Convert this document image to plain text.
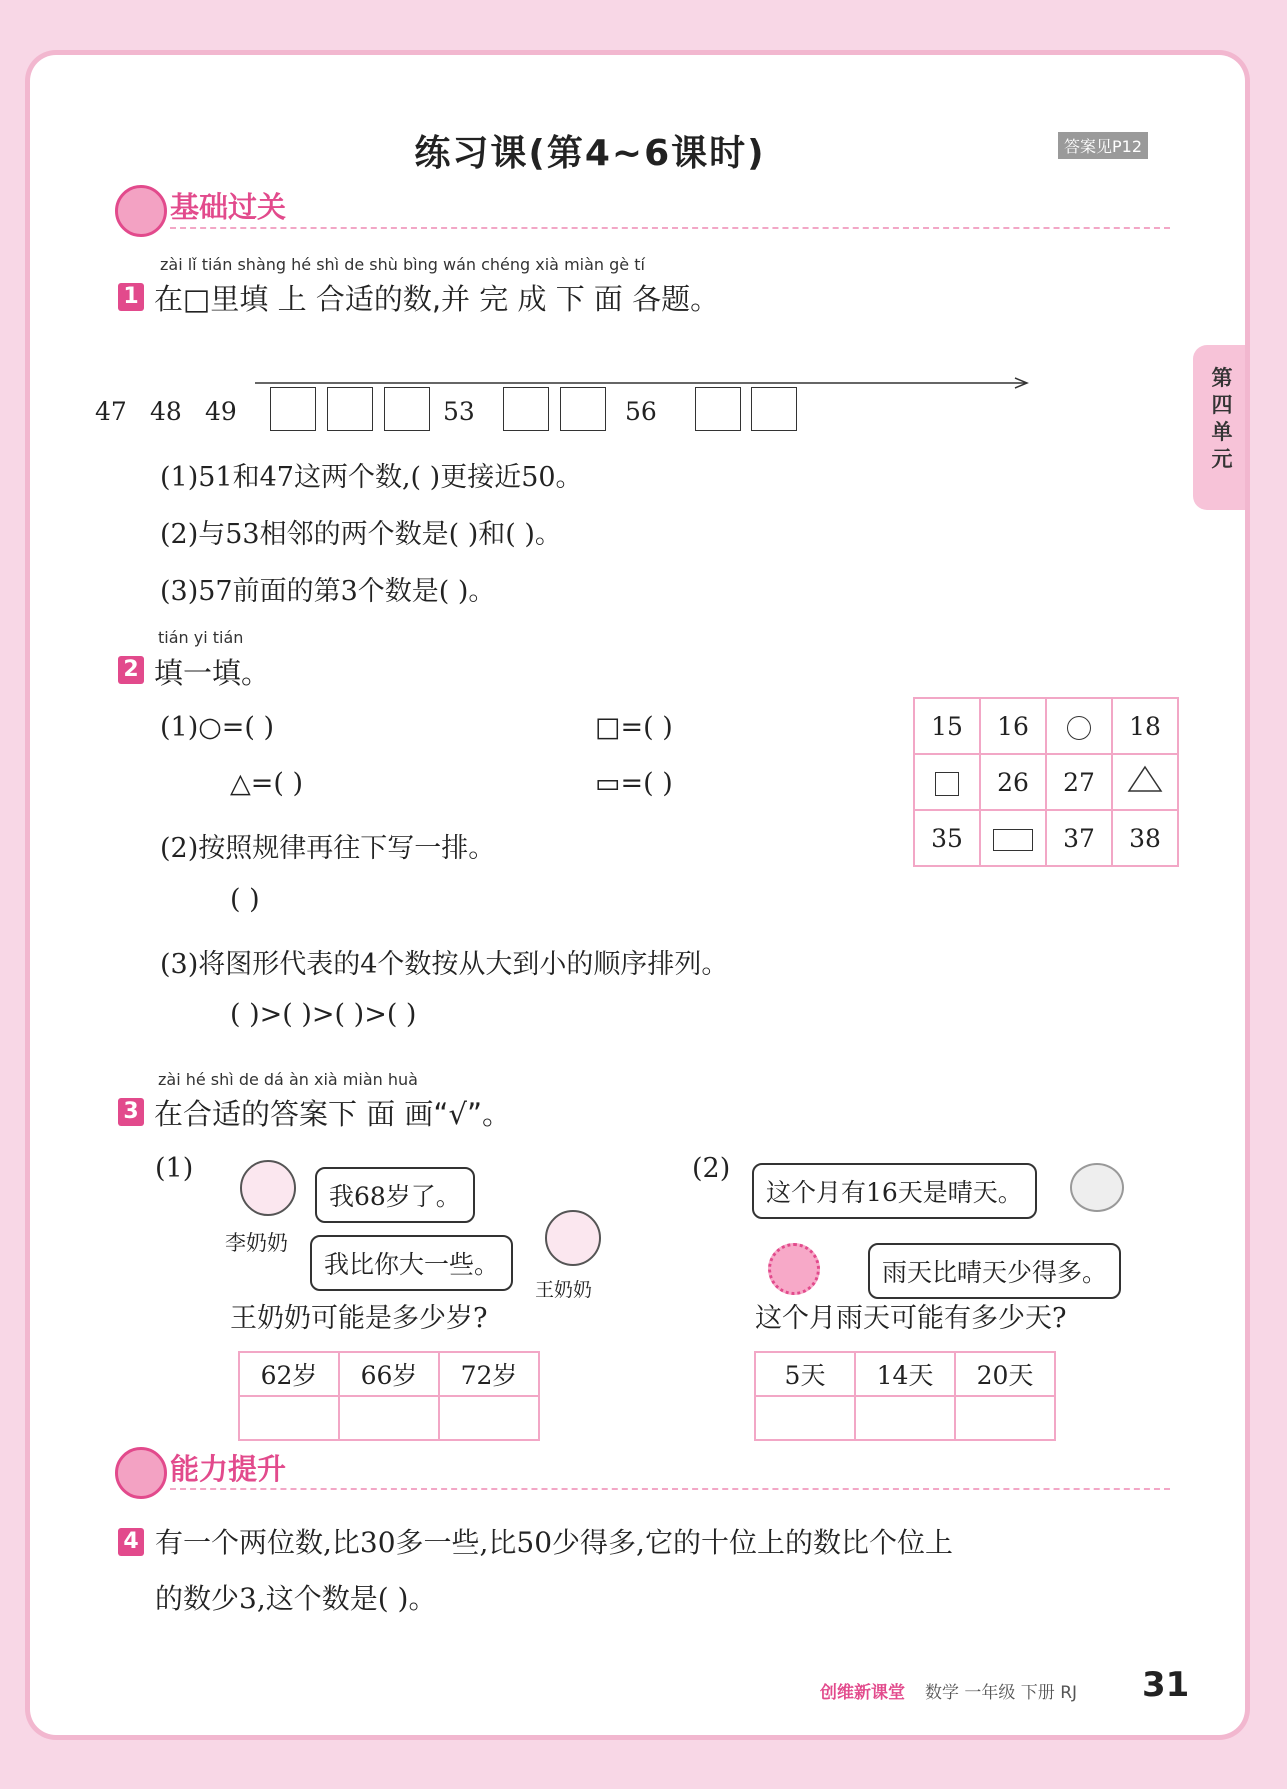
练习课(第4~6课时)	答案见P12
第四单元
基础过关
zài lǐ tián shàng hé shì de shù bìng wán chéng xià miàn gè tí
1 在□里填 上 合适的数,并 完 成 下 面 各题。
47 48 49	53	56
(1)51和47这两个数,( )更接近50。
(2)与53相邻的两个数是( )和( )。
(3)57前面的第3个数是( )。
tián yi tián
2 填一填。
(1)○=( )	□=( )
△=( )	▭=( )
(2)按照规律再往下写一排。
( )
(3)将图形代表的4个数按从大到小的顺序排列。
( )>( )>( )>( )
15	16		18
	26	27	
35		37	38
zài hé shì de dá àn xià miàn huà
3 在合适的答案下 面 画“√”。
(1)
我68岁了。
李奶奶
我比你大一些。
王奶奶
王奶奶可能是多少岁?
62岁	66岁	72岁

(2)
这个月有16天是晴天。
雨天比晴天少得多。
这个月雨天可能有多少天?
5天	14天	20天

能力提升
4 有一个两位数,比30多一些,比50少得多,它的十位上的数比个位上
的数少3,这个数是( )。
创维新课堂 数学 一年级 下册 RJ 31
